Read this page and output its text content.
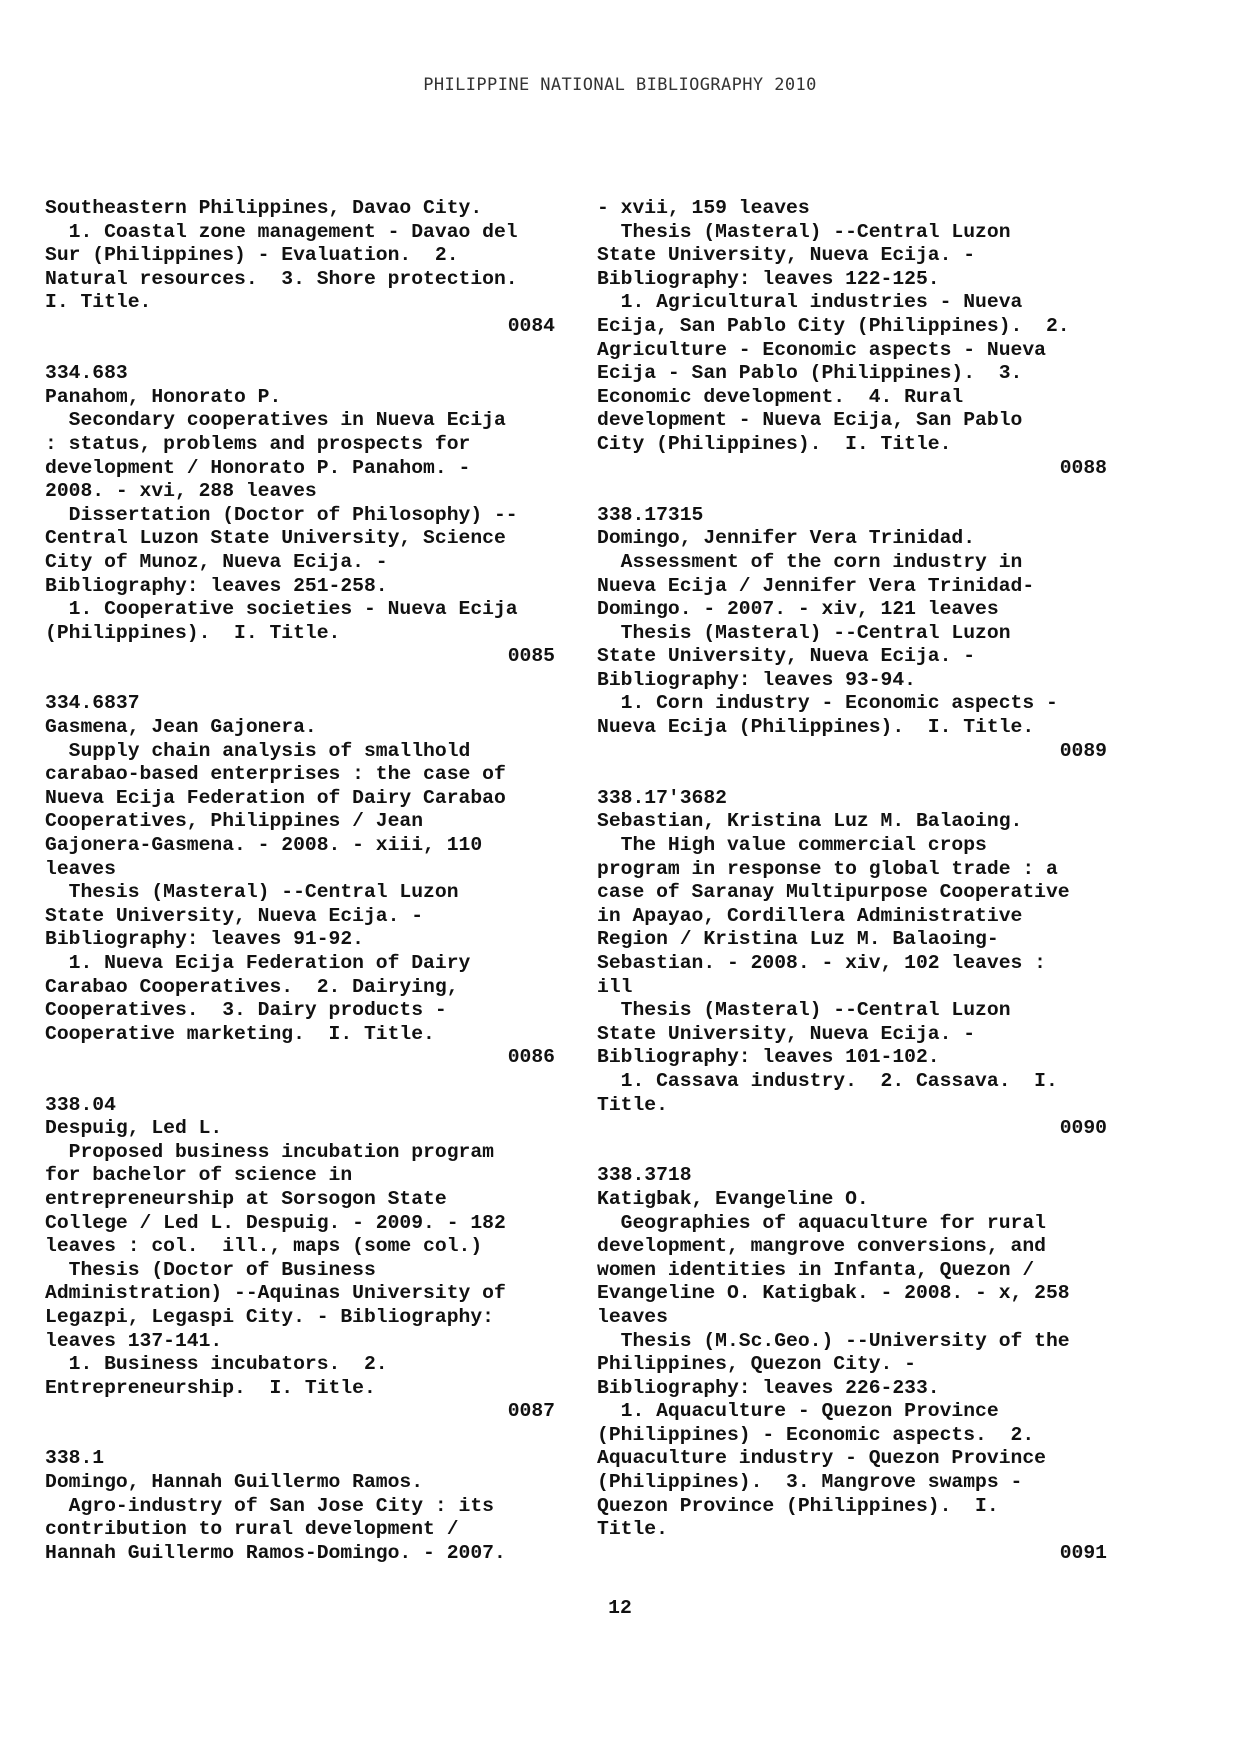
PHILIPPINE NATIONAL BIBLIOGRAPHY 2010
Southeastern Philippines, Davao City.
1. Coastal zone management - Davao del
Sur (Philippines) - Evaluation.  2.
Natural resources.  3. Shore protection.
I. Title.
0084
334.683
Panahom, Honorato P.
Secondary cooperatives in Nueva Ecija
: status, problems and prospects for
development / Honorato P. Panahom. -
2008. - xvi, 288 leaves
Dissertation (Doctor of Philosophy) --
Central Luzon State University, Science
City of Munoz, Nueva Ecija. -
Bibliography: leaves 251-258.
1. Cooperative societies - Nueva Ecija
(Philippines).  I. Title.
0085
334.6837
Gasmena, Jean Gajonera.
Supply chain analysis of smallhold
carabao-based enterprises : the case of
Nueva Ecija Federation of Dairy Carabao
Cooperatives, Philippines / Jean
Gajonera-Gasmena. - 2008. - xiii, 110
leaves
Thesis (Masteral) --Central Luzon
State University, Nueva Ecija. -
Bibliography: leaves 91-92.
1. Nueva Ecija Federation of Dairy
Carabao Cooperatives.  2. Dairying,
Cooperatives.  3. Dairy products -
Cooperative marketing.  I. Title.
0086
338.04
Despuig, Led L.
Proposed business incubation program
for bachelor of science in
entrepreneurship at Sorsogon State
College / Led L. Despuig. - 2009. - 182
leaves : col.  ill., maps (some col.)
Thesis (Doctor of Business
Administration) --Aquinas University of
Legazpi, Legaspi City. - Bibliography:
leaves 137-141.
1. Business incubators.  2.
Entrepreneurship.  I. Title.
0087
338.1
Domingo, Hannah Guillermo Ramos.
Agro-industry of San Jose City : its
contribution to rural development /
Hannah Guillermo Ramos-Domingo. - 2007.
- xvii, 159 leaves
Thesis (Masteral) --Central Luzon
State University, Nueva Ecija. -
Bibliography: leaves 122-125.
1. Agricultural industries - Nueva
Ecija, San Pablo City (Philippines).  2.
Agriculture - Economic aspects - Nueva
Ecija - San Pablo (Philippines).  3.
Economic development.  4. Rural
development - Nueva Ecija, San Pablo
City (Philippines).  I. Title.
0088
338.17315
Domingo, Jennifer Vera Trinidad.
Assessment of the corn industry in
Nueva Ecija / Jennifer Vera Trinidad-
Domingo. - 2007. - xiv, 121 leaves
Thesis (Masteral) --Central Luzon
State University, Nueva Ecija. -
Bibliography: leaves 93-94.
1. Corn industry - Economic aspects -
Nueva Ecija (Philippines).  I. Title.
0089
338.17'3682
Sebastian, Kristina Luz M. Balaoing.
The High value commercial crops
program in response to global trade : a
case of Saranay Multipurpose Cooperative
in Apayao, Cordillera Administrative
Region / Kristina Luz M. Balaoing-
Sebastian. - 2008. - xiv, 102 leaves :
ill
Thesis (Masteral) --Central Luzon
State University, Nueva Ecija. -
Bibliography: leaves 101-102.
1. Cassava industry.  2. Cassava.  I.
Title.
0090
338.3718
Katigbak, Evangeline O.
Geographies of aquaculture for rural
development, mangrove conversions, and
women identities in Infanta, Quezon /
Evangeline O. Katigbak. - 2008. - x, 258
leaves
Thesis (M.Sc.Geo.) --University of the
Philippines, Quezon City. -
Bibliography: leaves 226-233.
1. Aquaculture - Quezon Province
(Philippines) - Economic aspects.  2.
Aquaculture industry - Quezon Province
(Philippines).  3. Mangrove swamps -
Quezon Province (Philippines).  I.
Title.
0091
12
